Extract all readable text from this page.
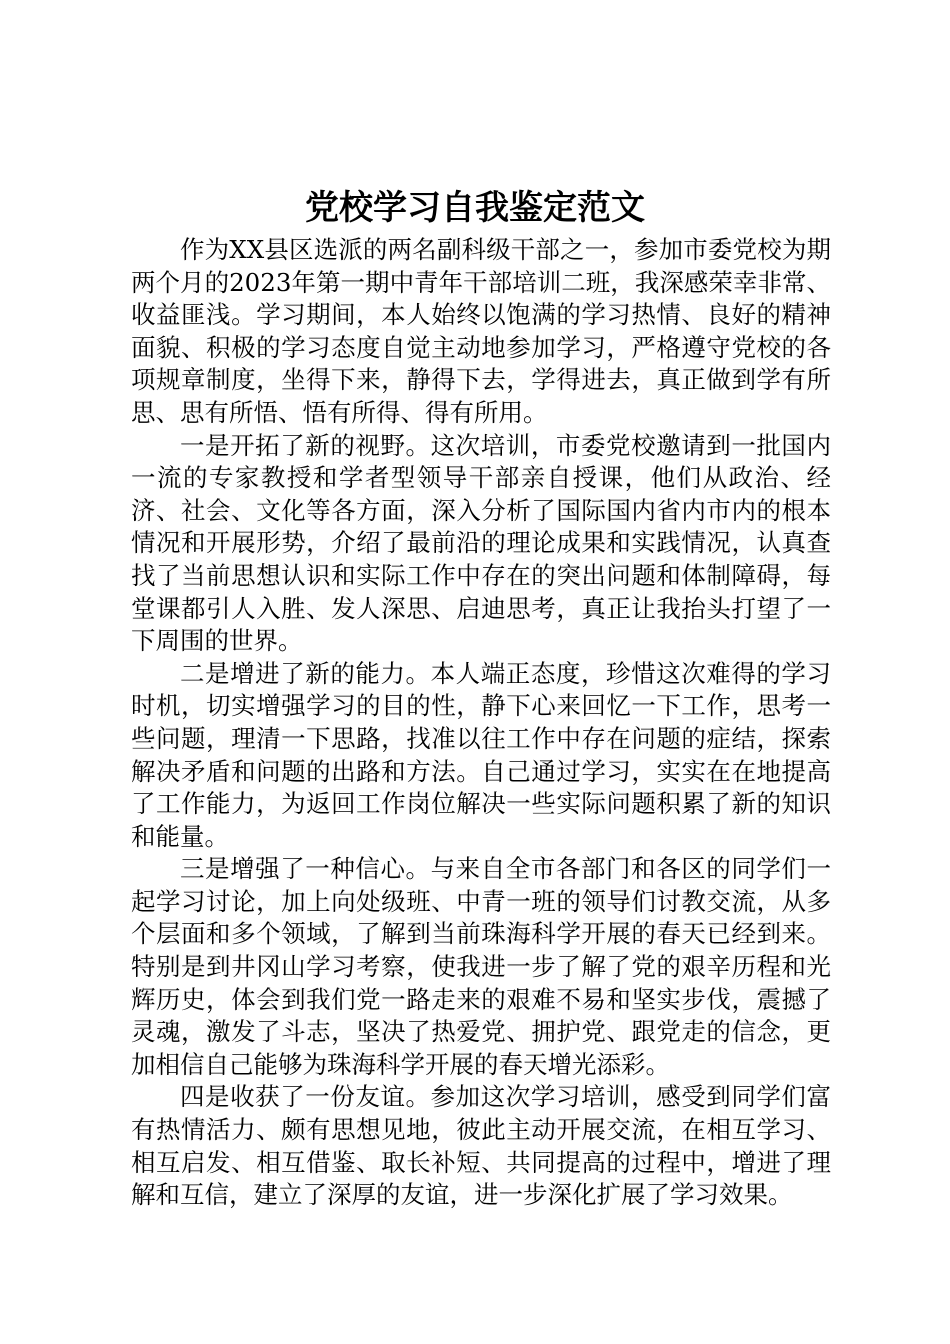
党校学习自我鉴定范文

作为XX县区选派的两名副科级干部之一，参加市委党校为期两个月的2023年第一期中青年干部培训二班，我深感荣幸非常、收益匪浅。学习期间，本人始终以饱满的学习热情、良好的精神面貌、积极的学习态度自觉主动地参加学习，严格遵守党校的各项规章制度，坐得下来，静得下去，学得进去，真正做到学有所思、思有所悟、悟有所得、得有所用。

一是开拓了新的视野。这次培训，市委党校邀请到一批国内一流的专家教授和学者型领导干部亲自授课，他们从政治、经济、社会、文化等各方面，深入分析了国际国内省内市内的根本情况和开展形势，介绍了最前沿的理论成果和实践情况，认真查找了当前思想认识和实际工作中存在的突出问题和体制障碍，每堂课都引人入胜、发人深思、启迪思考，真正让我抬头打望了一下周围的世界。

二是增进了新的能力。本人端正态度，珍惜这次难得的学习时机，切实增强学习的目的性，静下心来回忆一下工作，思考一些问题，理清一下思路，找准以往工作中存在问题的症结，探索解决矛盾和问题的出路和方法。自己通过学习，实实在在地提高了工作能力，为返回工作岗位解决一些实际问题积累了新的知识和能量。

三是增强了一种信心。与来自全市各部门和各区的同学们一起学习讨论，加上向处级班、中青一班的领导们讨教交流，从多个层面和多个领域，了解到当前珠海科学开展的春天已经到来。特别是到井冈山学习考察，使我进一步了解了党的艰辛历程和光辉历史，体会到我们党一路走来的艰难不易和坚实步伐，震撼了灵魂，激发了斗志，坚决了热爱党、拥护党、跟党走的信念，更加相信自己能够为珠海科学开展的春天增光添彩。

四是收获了一份友谊。参加这次学习培训，感受到同学们富有热情活力、颇有思想见地，彼此主动开展交流，在相互学习、相互启发、相互借鉴、取长补短、共同提高的过程中，增进了理解和互信，建立了深厚的友谊，进一步深化扩展了学习效果。
